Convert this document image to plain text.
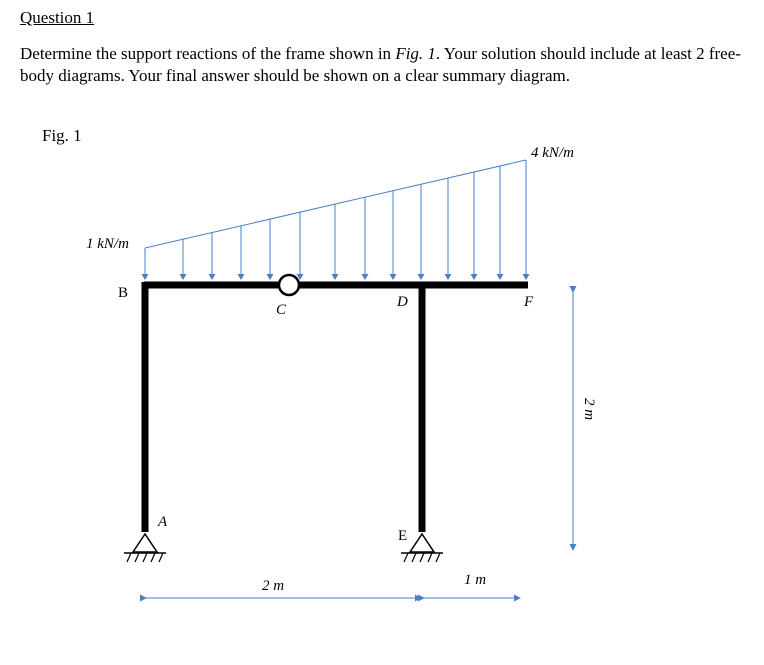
Question 1
Determine the support reactions of the frame shown in Fig. 1. Your solution should include at least 2 free-body diagrams. Your final answer should be shown on a clear summary diagram.
Fig. 1
B
C	D	F
A
E
1 kN/m
4 kN/m
2 m	1 m
2 m
